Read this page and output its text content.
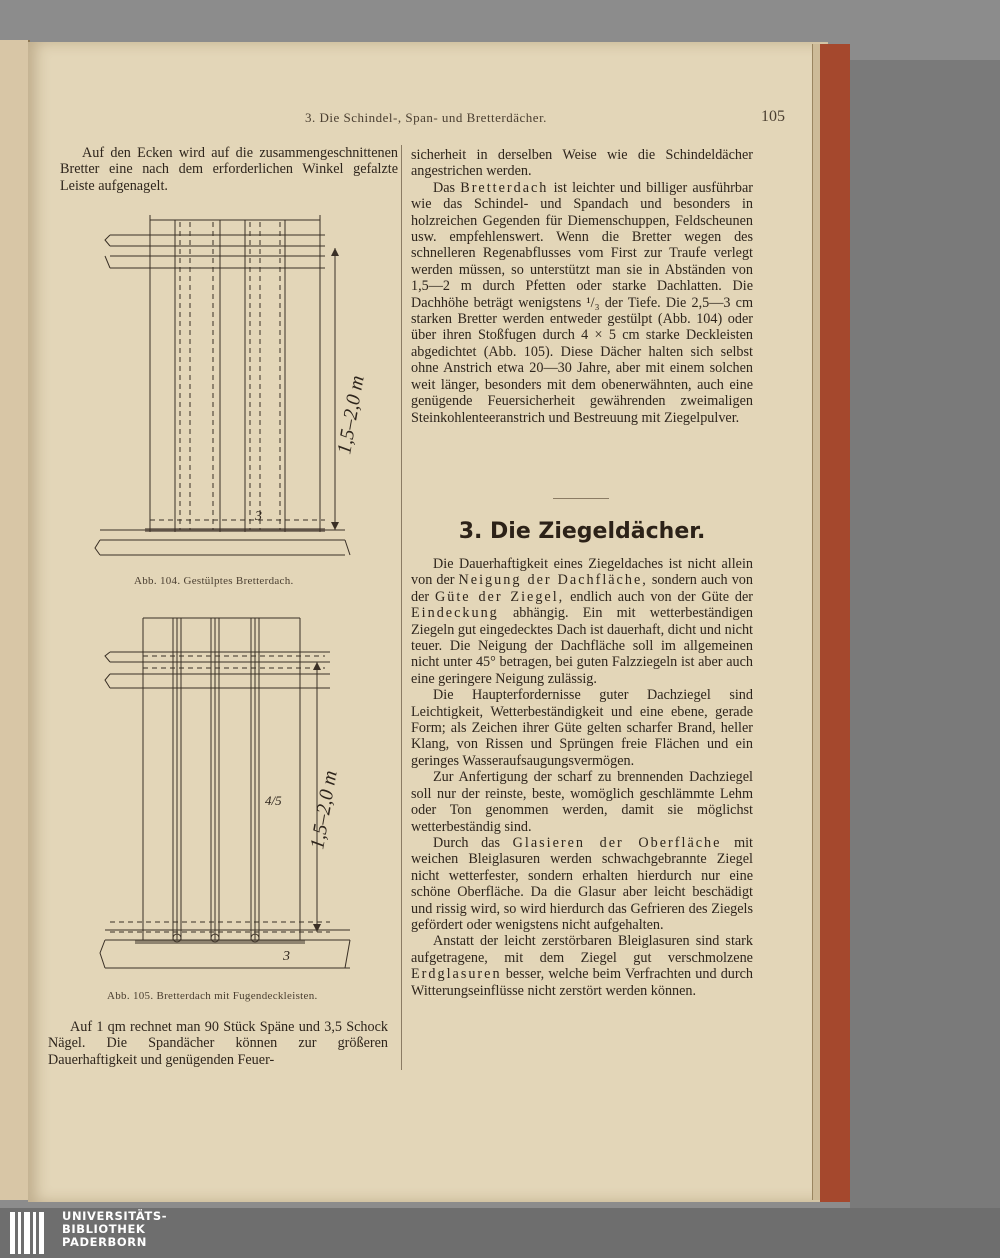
3. Die Schindel-, Span- und Bretterdächer.	105

Auf den Ecken wird auf die zusammengeschnittenen Bretter eine nach dem erforderlichen Winkel gefalzte Leiste aufgenagelt.

1,5–2,0 m
3
Abb. 104. Gestülptes Bretterdach.
1,5–2,0 m
4/5
3
Abb. 105. Bretterdach mit Fugendeckleisten.

Auf 1 qm rechnet man 90 Stück Späne und 3,5 Schock Nägel. Die Spandächer können zur größeren Dauerhaftigkeit und genügenden Feuer-

sicherheit in derselben Weise wie die Schindeldächer angestrichen werden.

Das Bretterdach ist leichter und billiger ausführbar wie das Schindel- und Spandach und besonders in holzreichen Gegenden für Diemenschuppen, Feldscheunen usw. empfehlenswert. Wenn die Bretter wegen des schnelleren Regenabflusses vom First zur Traufe verlegt werden müssen, so unterstützt man sie in Abständen von 1,5—2 m durch Pfetten oder starke Dachlatten. Die Dachhöhe beträgt wenigstens ¹/₃ der Tiefe. Die 2,5—3 cm starken Bretter werden entweder gestülpt (Abb. 104) oder über ihren Stoßfugen durch 4 × 5 cm starke Deckleisten abgedichtet (Abb. 105). Diese Dächer halten sich selbst ohne Anstrich etwa 20—30 Jahre, aber mit einem solchen weit länger, besonders mit dem obenerwähnten, auch eine genügende Feuersicherheit gewährenden zweimaligen Steinkohlenteeranstrich und Bestreuung mit Ziegelpulver.

3. Die Ziegeldächer.

Die Dauerhaftigkeit eines Ziegeldaches ist nicht allein von der Neigung der Dachfläche, sondern auch von der Güte der Ziegel, endlich auch von der Güte der Eindeckung abhängig. Ein mit wetterbeständigen Ziegeln gut eingedecktes Dach ist dauerhaft, dicht und nicht teuer. Die Neigung der Dachfläche soll im allgemeinen nicht unter 45° betragen, bei guten Falzziegeln ist aber auch eine geringere Neigung zulässig.

Die Haupterfordernisse guter Dachziegel sind Leichtigkeit, Wetterbeständigkeit und eine ebene, gerade Form; als Zeichen ihrer Güte gelten scharfer Brand, heller Klang, von Rissen und Sprüngen freie Flächen und ein geringes Wasseraufsaugungsvermögen.

Zur Anfertigung der scharf zu brennenden Dachziegel soll nur der reinste, beste, womöglich geschlämmte Lehm oder Ton genommen werden, damit sie möglichst wetterbeständig sind.

Durch das Glasieren der Oberfläche mit weichen Bleiglasuren werden schwachgebrannte Ziegel nicht wetterfester, sondern erhalten hierdurch nur eine schöne Oberfläche. Da die Glasur aber leicht beschädigt und rissig wird, so wird hierdurch das Gefrieren des Ziegels gefördert oder wenigstens nicht aufgehalten.

Anstatt der leicht zerstörbaren Bleiglasuren sind stark aufgetragene, mit dem Ziegel gut verschmolzene Erdglasuren besser, welche beim Verfrachten und durch Witterungseinflüsse nicht zerstört werden können.

UNIVERSITÄTS-
BIBLIOTHEK
PADERBORN
